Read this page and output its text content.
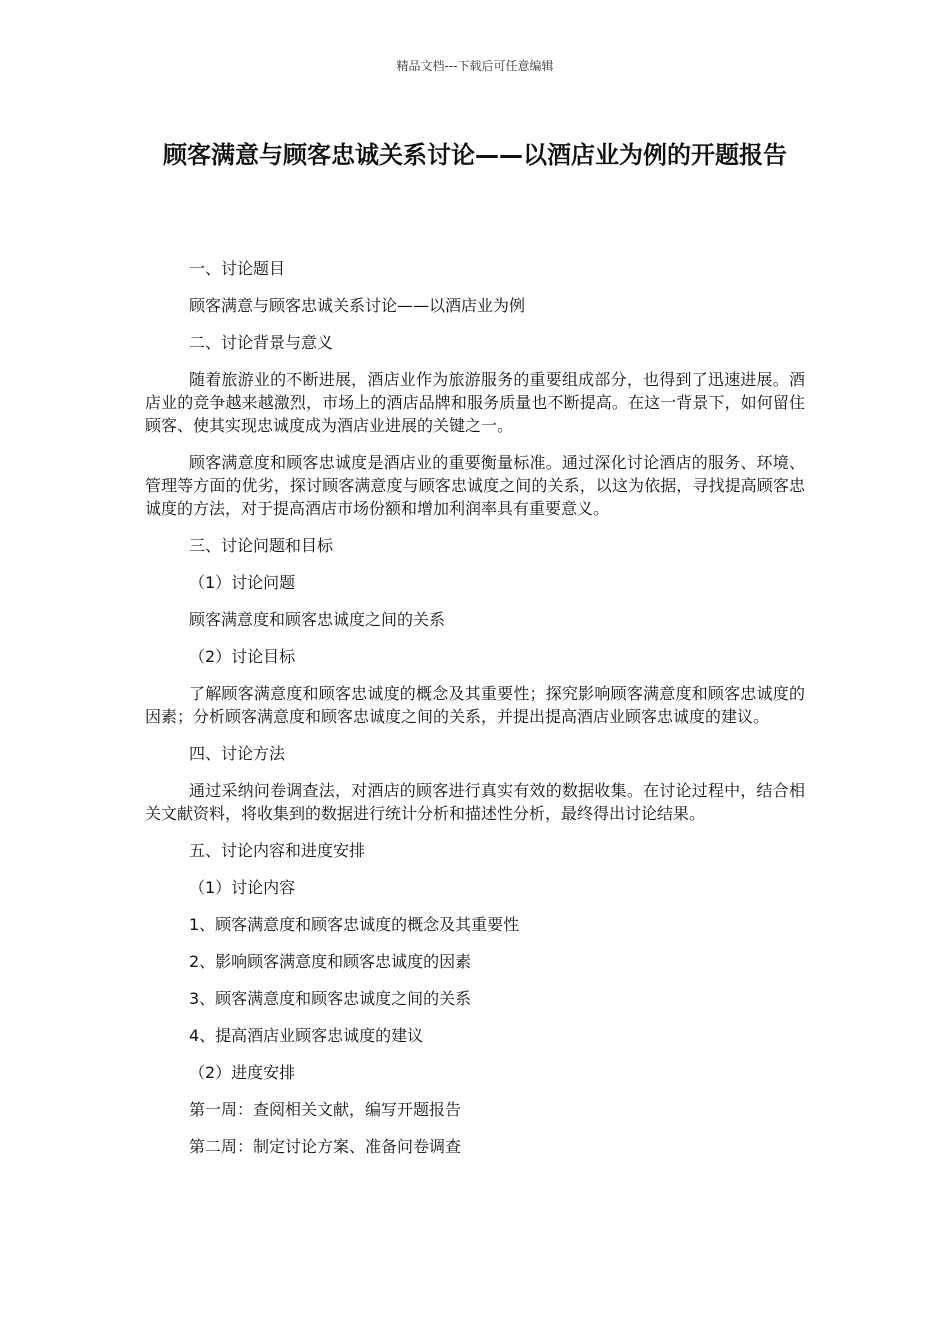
精品文档---下载后可任意编辑
顾客满意与顾客忠诚关系讨论——以酒店业为例的开题报告

一、讨论题目

顾客满意与顾客忠诚关系讨论——以酒店业为例

二、讨论背景与意义

随着旅游业的不断进展，酒店业作为旅游服务的重要组成部分，也得到了迅速进展。酒店业的竞争越来越激烈，市场上的酒店品牌和服务质量也不断提高。在这一背景下，如何留住顾客、使其实现忠诚度成为酒店业进展的关键之一。

顾客满意度和顾客忠诚度是酒店业的重要衡量标准。通过深化讨论酒店的服务、环境、管理等方面的优劣，探讨顾客满意度与顾客忠诚度之间的关系，以这为依据，寻找提高顾客忠诚度的方法，对于提高酒店市场份额和增加利润率具有重要意义。

三、讨论问题和目标

（1）讨论问题

顾客满意度和顾客忠诚度之间的关系

（2）讨论目标

了解顾客满意度和顾客忠诚度的概念及其重要性；探究影响顾客满意度和顾客忠诚度的因素；分析顾客满意度和顾客忠诚度之间的关系，并提出提高酒店业顾客忠诚度的建议。

四、讨论方法

通过采纳问卷调查法，对酒店的顾客进行真实有效的数据收集。在讨论过程中，结合相关文献资料，将收集到的数据进行统计分析和描述性分析，最终得出讨论结果。

五、讨论内容和进度安排

（1）讨论内容

1、顾客满意度和顾客忠诚度的概念及其重要性

2、影响顾客满意度和顾客忠诚度的因素

3、顾客满意度和顾客忠诚度之间的关系

4、提高酒店业顾客忠诚度的建议

（2）进度安排

第一周：查阅相关文献，编写开题报告

第二周：制定讨论方案、准备问卷调查
